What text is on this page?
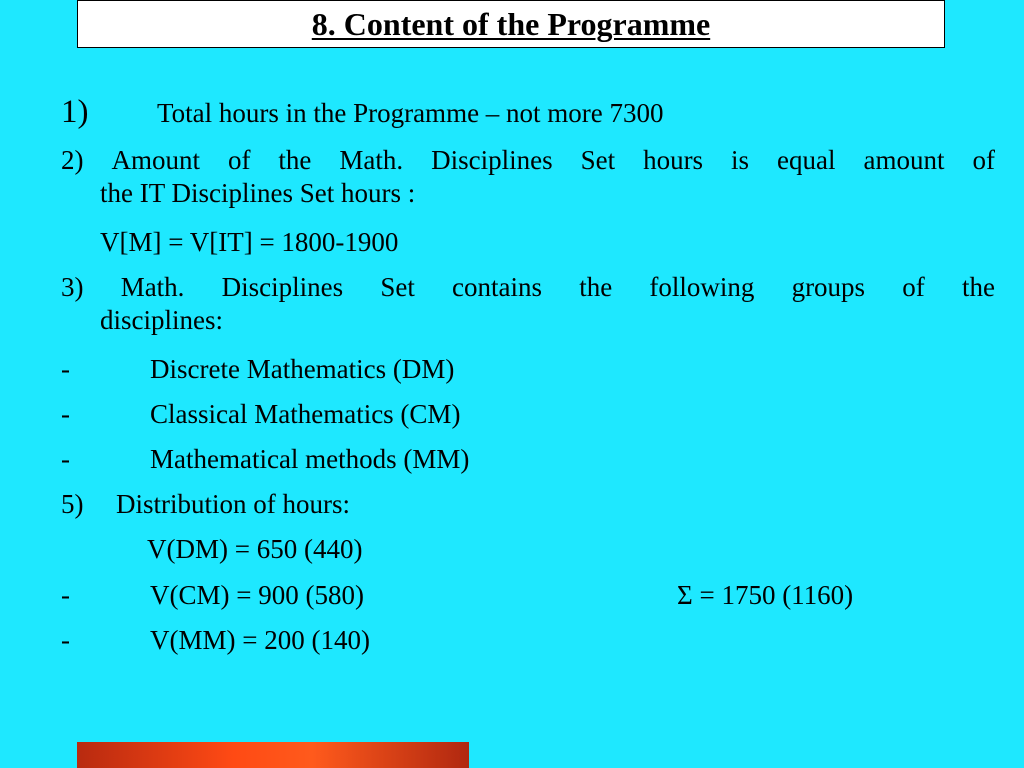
8. Content of the Programme
1)	Total hours in the Programme – not more 7300
2) Amount of the Math. Disciplines Set hours is equal amount of
the IT Disciplines Set hours :
V[M] = V[IT] = 1800-1900
3) Math. Disciplines Set contains the following groups of the
disciplines:
-	Discrete Mathematics (DM)
-	Classical Mathematics (CM)
-	Mathematical methods (MM)
5) Distribution of hours:
V(DM) = 650 (440)
-	V(CM) = 900 (580)	Σ = 1750 (1160)
-	V(MM) = 200 (140)
